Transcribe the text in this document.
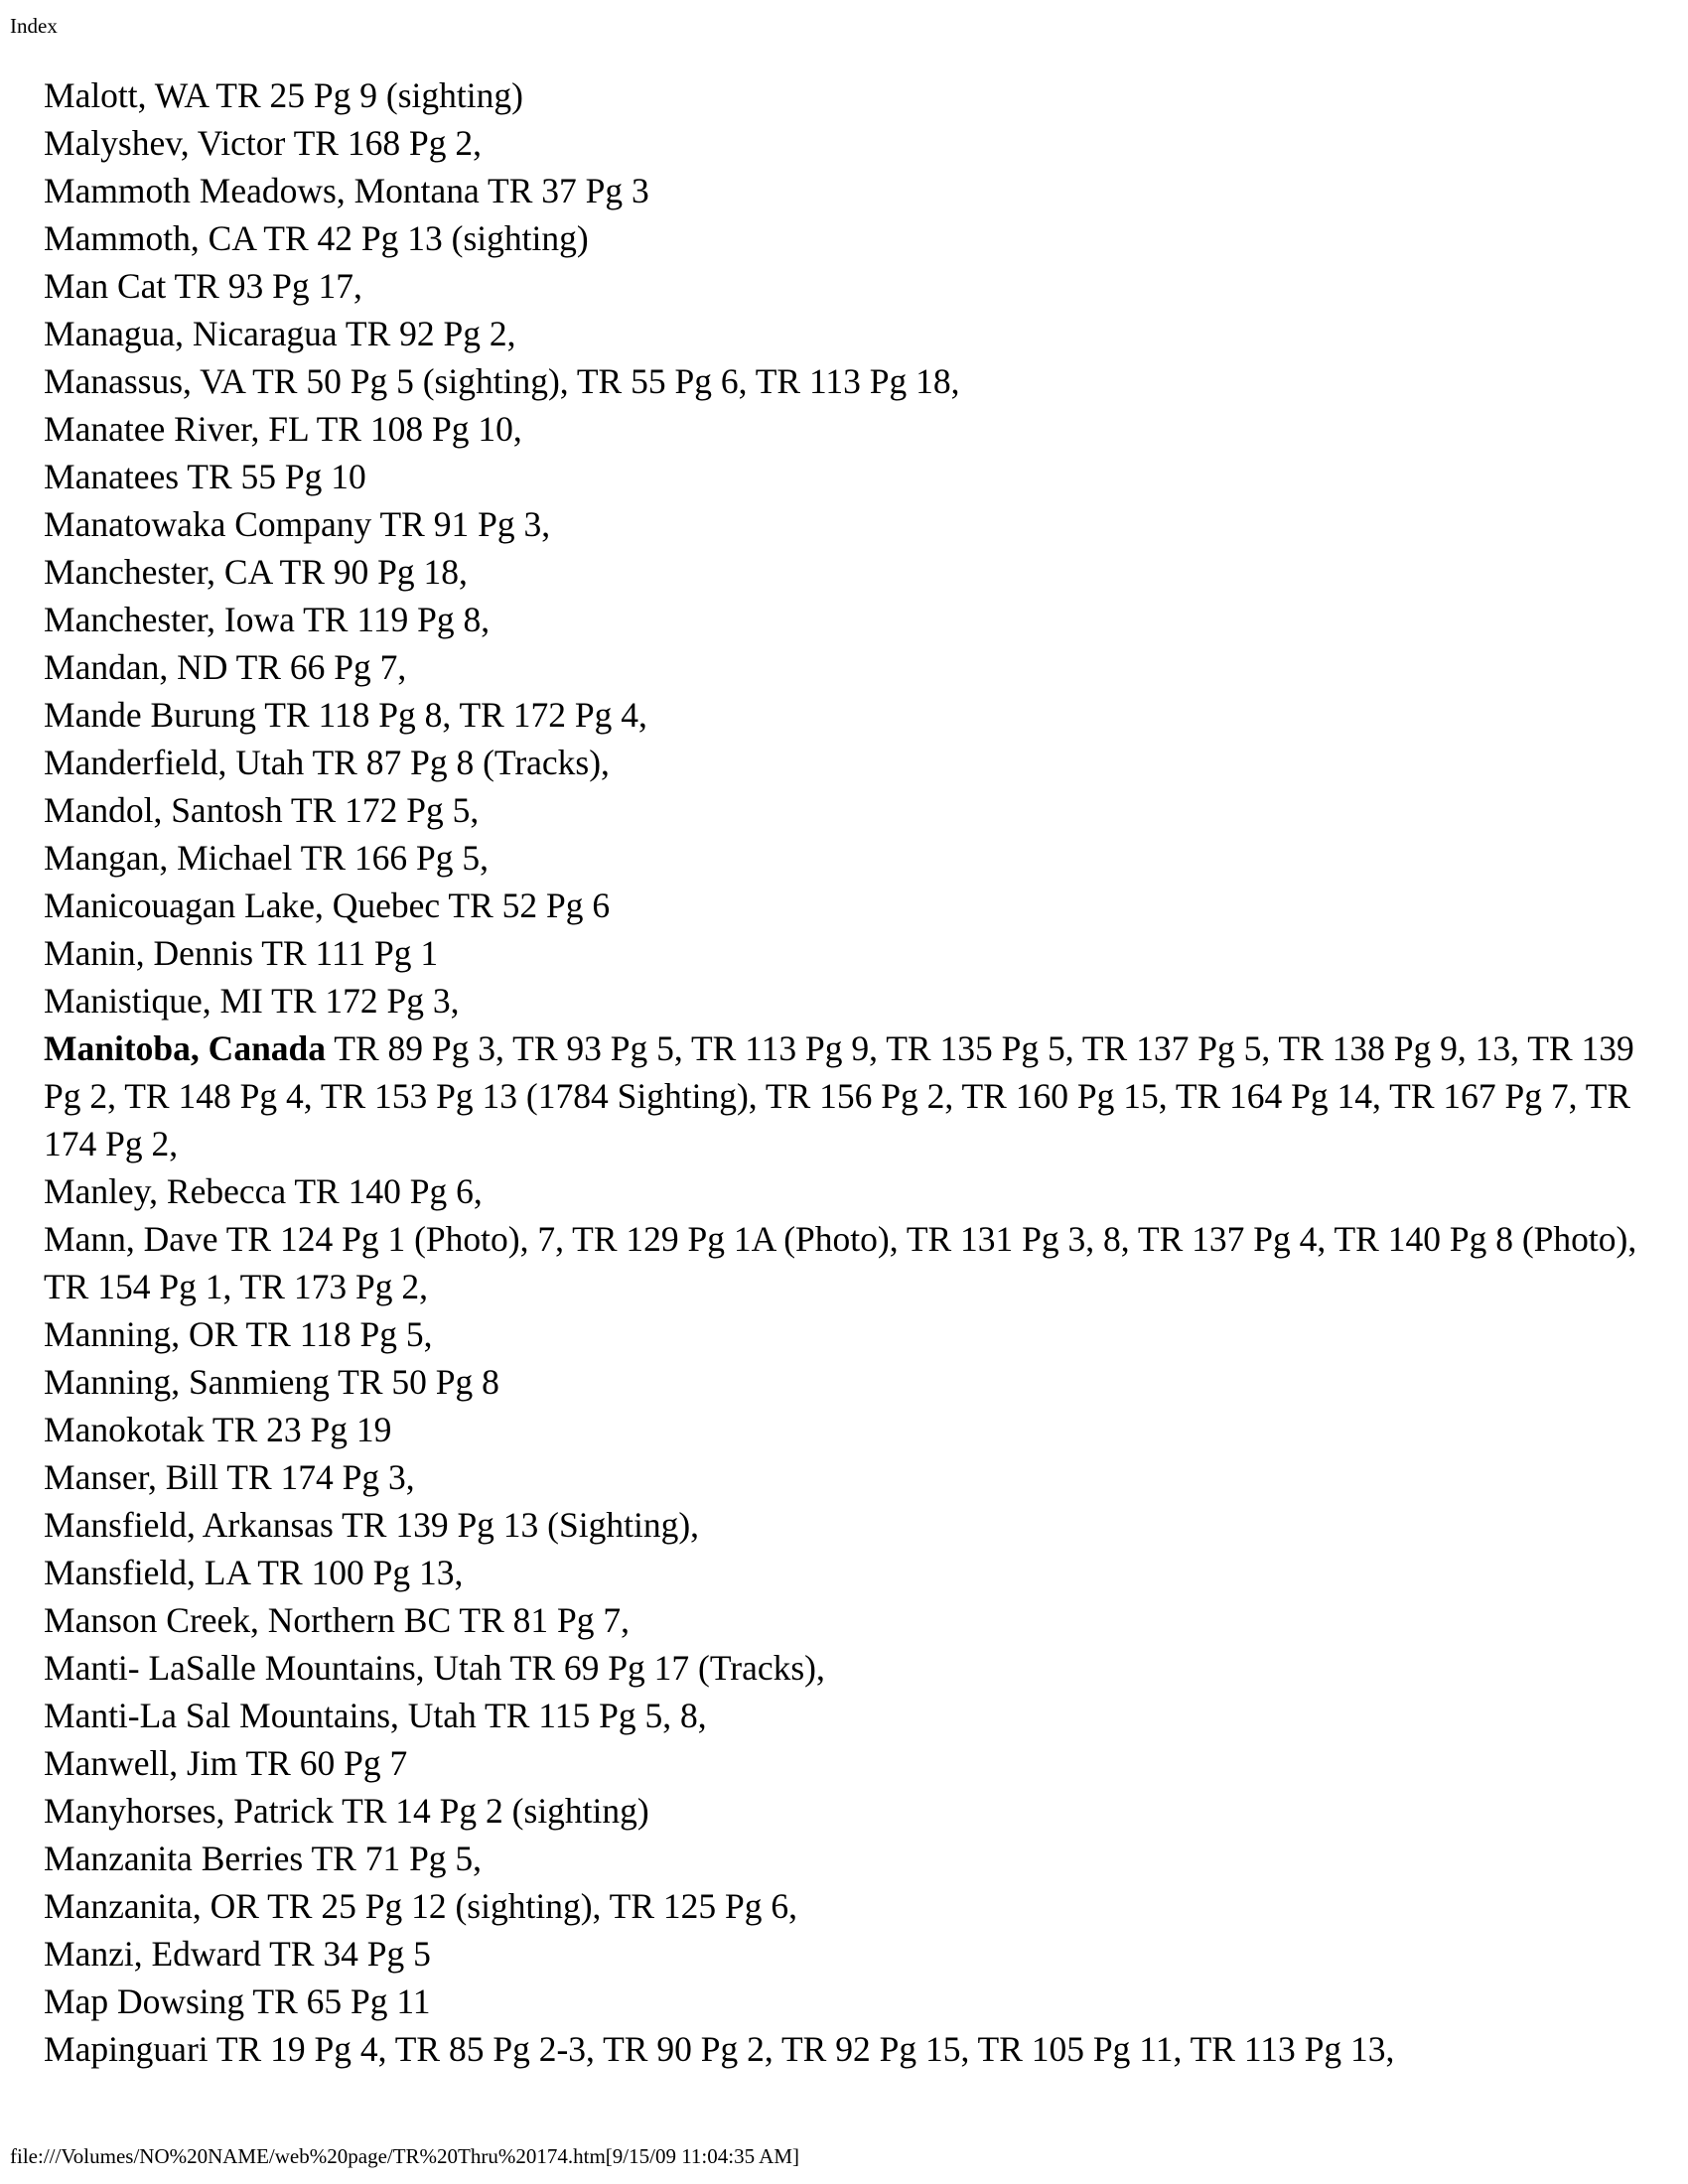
Index
Malott, WA TR 25 Pg 9 (sighting)
Malyshev, Victor TR 168 Pg 2,
Mammoth Meadows, Montana TR 37 Pg 3
Mammoth, CA TR 42 Pg 13 (sighting)
Man Cat TR 93 Pg 17,
Managua, Nicaragua TR 92 Pg 2,
Manassus, VA TR 50 Pg 5 (sighting), TR 55 Pg 6, TR 113 Pg 18,
Manatee River, FL TR 108 Pg 10,
Manatees TR 55 Pg 10
Manatowaka Company TR 91 Pg 3,
Manchester, CA TR 90 Pg 18,
Manchester, Iowa TR 119 Pg 8,
Mandan, ND TR 66 Pg 7,
Mande Burung TR 118 Pg 8, TR 172 Pg 4,
Manderfield, Utah TR 87 Pg 8 (Tracks),
Mandol, Santosh TR 172 Pg 5,
Mangan, Michael TR 166 Pg 5,
Manicouagan Lake, Quebec TR 52 Pg 6
Manin, Dennis TR 111 Pg 1
Manistique, MI TR 172 Pg 3,
Manitoba, Canada TR 89 Pg 3, TR 93 Pg 5, TR 113 Pg 9, TR 135 Pg 5, TR 137 Pg 5, TR 138 Pg 9, 13, TR 139 Pg 2, TR 148 Pg 4, TR 153 Pg 13 (1784 Sighting), TR 156 Pg 2, TR 160 Pg 15, TR 164 Pg 14, TR 167 Pg 7, TR 174 Pg 2,
Manley, Rebecca TR 140 Pg 6,
Mann, Dave TR 124 Pg 1 (Photo), 7, TR 129 Pg 1A (Photo), TR 131 Pg 3, 8, TR 137 Pg 4, TR 140 Pg 8 (Photo), TR 154 Pg 1, TR 173 Pg 2,
Manning, OR TR 118 Pg 5,
Manning, Sanmieng TR 50 Pg 8
Manokotak TR 23 Pg 19
Manser, Bill TR 174 Pg 3,
Mansfield, Arkansas TR 139 Pg 13 (Sighting),
Mansfield, LA TR 100 Pg 13,
Manson Creek, Northern BC TR 81 Pg 7,
Manti- LaSalle Mountains, Utah TR 69 Pg 17 (Tracks),
Manti-La Sal Mountains, Utah TR 115 Pg 5, 8,
Manwell, Jim TR 60 Pg 7
Manyhorses, Patrick TR 14 Pg 2 (sighting)
Manzanita Berries TR 71 Pg 5,
Manzanita, OR TR 25 Pg 12 (sighting), TR 125 Pg 6,
Manzi, Edward TR 34 Pg 5
Map Dowsing TR 65 Pg 11
Mapinguari TR 19 Pg 4, TR 85 Pg 2-3, TR 90 Pg 2, TR 92 Pg 15, TR 105 Pg 11, TR 113 Pg 13,
file:///Volumes/NO%20NAME/web%20page/TR%20Thru%20174.htm[9/15/09 11:04:35 AM]
